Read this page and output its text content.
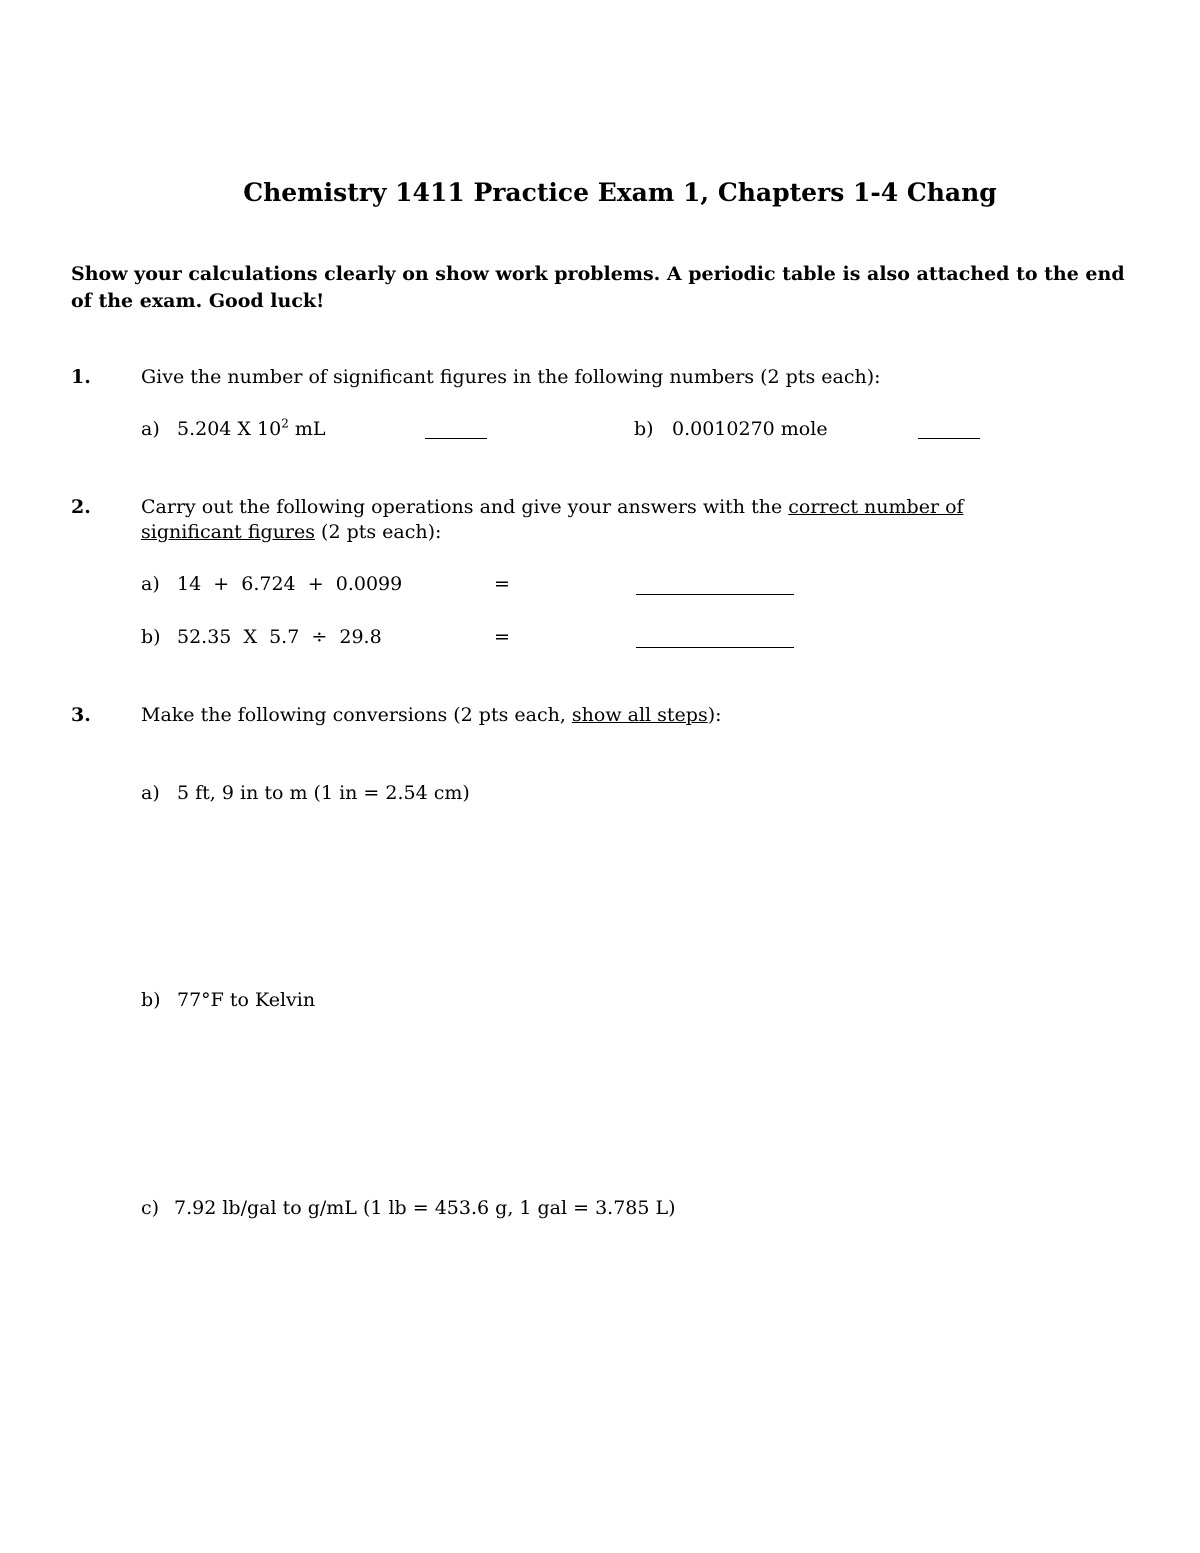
Chemistry 1411 Practice Exam 1, Chapters 1-4 Chang
Show your calculations clearly on show work problems. A periodic table is also attached to the end of the exam. Good luck!
1.	Give the number of significant figures in the following numbers (2 pts each):
a) 5.204 X $10^2$ mL	b) 0.0010270 mole
2.	Carry out the following operations and give your answers with the correct number of
significant figures (2 pts each):
a) 14  +  6.724  +  0.0099	=
b) 52.35  X  5.7  ÷  29.8	=
3.	Make the following conversions (2 pts each, show all steps):
a) 5 ft, 9 in to m (1 in = 2.54 cm)
b) 77°F to Kelvin
c) 7.92 lb/gal to g/mL (1 lb = 453.6 g, 1 gal = 3.785 L)
